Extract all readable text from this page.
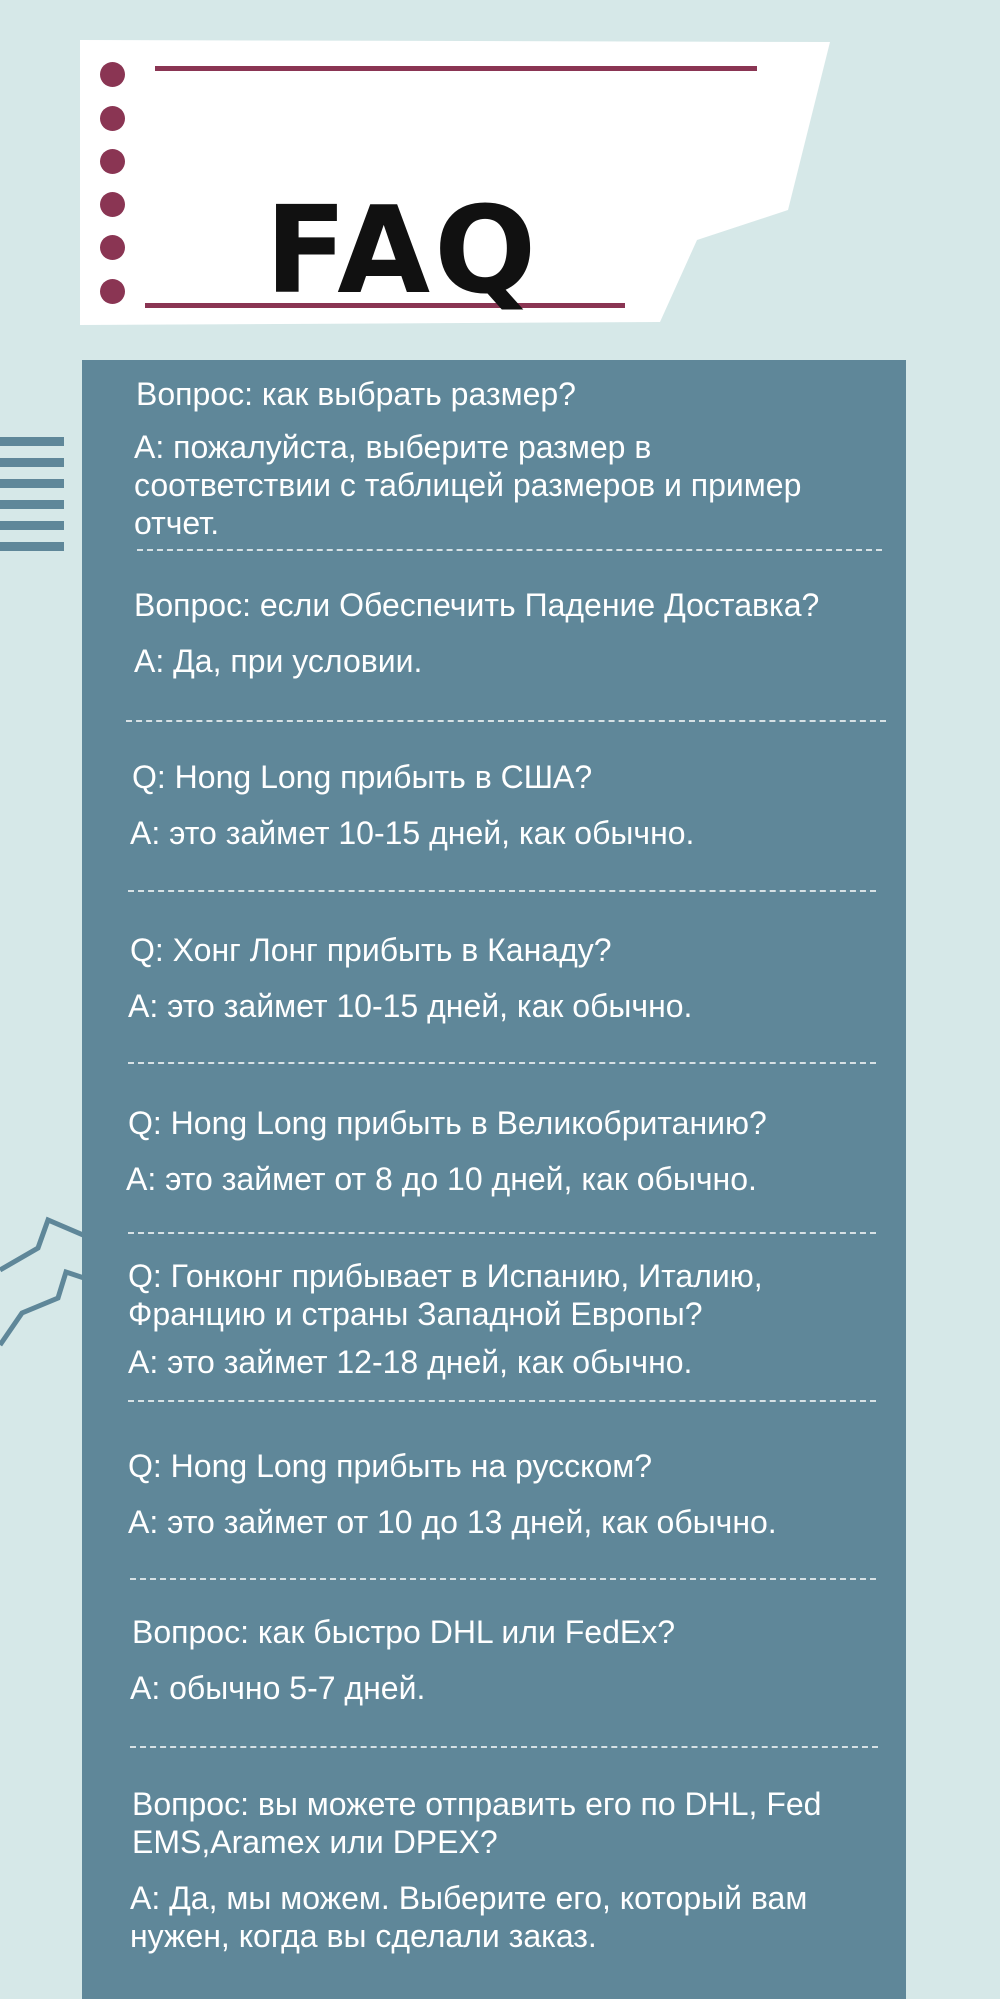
FAQ

Вопрос: как выбрать размер?

А: пожалуйста, выберите размер в
соответствии с таблицей размеров и пример
отчет.

Вопрос: если Обеспечить Падение Доставка?

А: Да, при условии.

Q: Hong Long прибыть в США?

A: это займет 10-15 дней, как обычно.

Q: Хонг Лонг прибыть в Канаду?

A: это займет 10-15 дней, как обычно.

Q: Hong Long прибыть в Великобританию?

A: это займет от 8 до 10 дней, как обычно.

Q: Гонконг прибывает в Испанию, Италию,
Францию и страны Западной Европы?

A: это займет 12-18 дней, как обычно.

Q: Hong Long прибыть на русском?

A: это займет от 10 до 13 дней, как обычно.

Вопрос: как быстро DHL или FedEx?

А: обычно 5-7 дней.

Вопрос: вы можете отправить его по DHL, Fed
EMS,Aramex или DPEX?

А: Да, мы можем. Выберите его, который вам
нужен, когда вы сделали заказ.
